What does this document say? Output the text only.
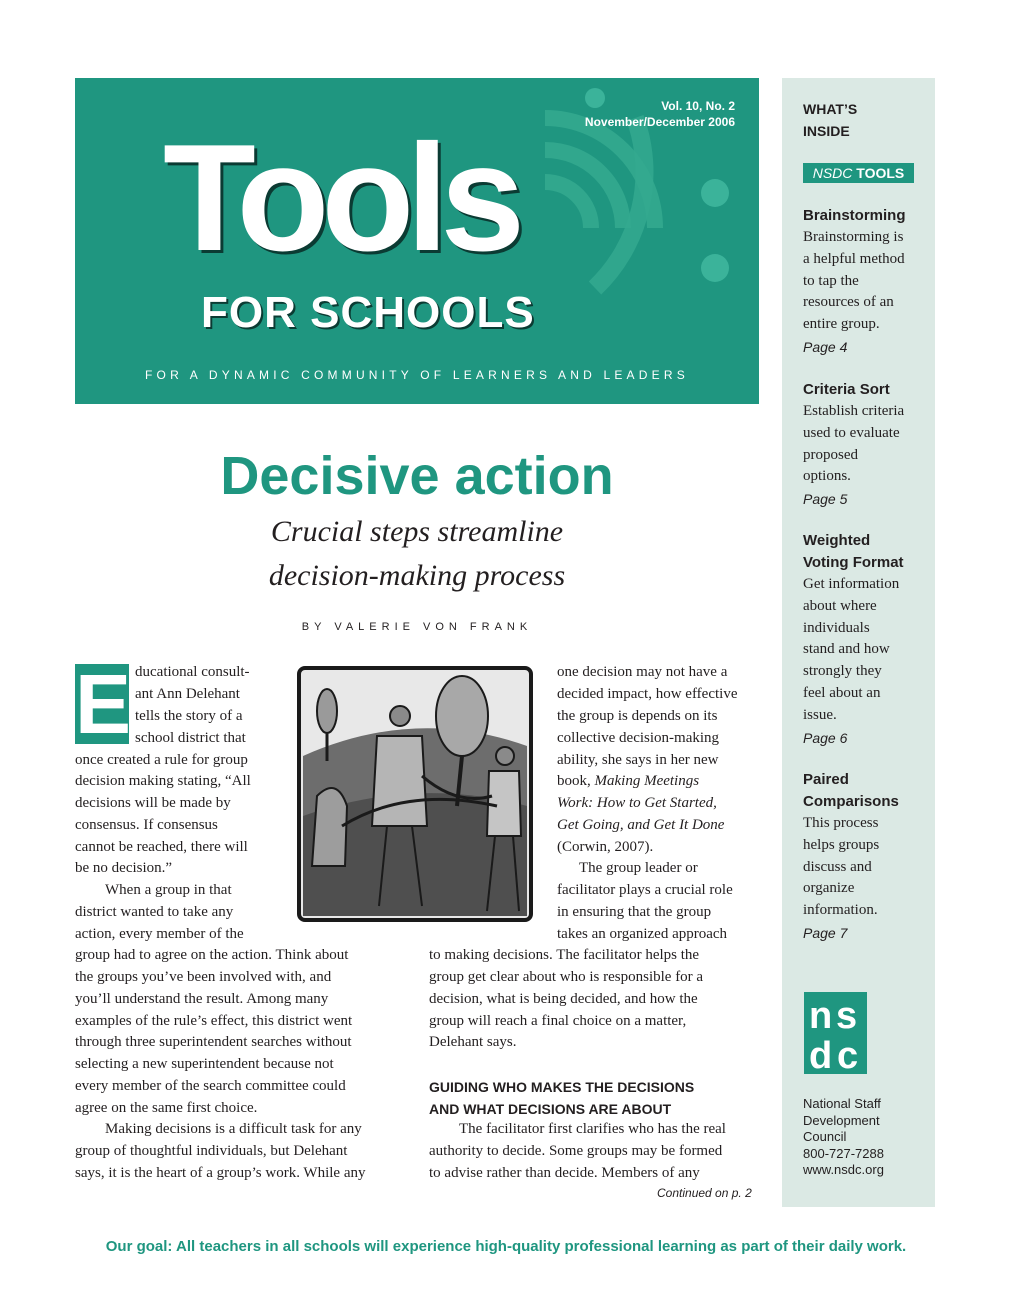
Vol. 10, No. 2
November/December 2006
Tools
FOR SCHOOLS
FOR A DYNAMIC COMMUNITY OF LEARNERS AND LEADERS
WHAT’S
INSIDE
NSDC TOOLS
Brainstorming
Brainstorming is
a helpful method
to tap the
resources of an
entire group.
Page 4
Criteria Sort
Establish criteria
used to evaluate
proposed
options.
Page 5
Weighted
Voting Format
Get information
about where
individuals
stand and how
strongly they
feel about an
issue.
Page 6
Paired
Comparisons
This process
helps groups
discuss and
organize
information.
Page 7
n s
d c
National Staff
Development
Council
800-727-7288
www.nsdc.org
Decisive action
Crucial steps streamline
decision-making process
BY VALERIE VON FRANK
E ducational consult-
ant Ann Delehant
tells the story of a
school district that
once created a rule for group
decision making stating, “All
decisions will be made by
consensus. If consensus
cannot be reached, there will
be no decision.”
When a group in that
district wanted to take any
action, every member of the
group had to agree on the action. Think about
the groups you’ve been involved with, and
you’ll understand the result. Among many
examples of the rule’s effect, this district went
through three superintendent searches without
selecting a new superintendent because not
every member of the search committee could
agree on the same first choice.
Making decisions is a difficult task for any
group of thoughtful individuals, but Delehant
says, it is the heart of a group’s work. While any
one decision may not have a
decided impact, how effective
the group is depends on its
collective decision-making
ability, she says in her new
book, Making Meetings
Work: How to Get Started,
Get Going, and Get It Done
(Corwin, 2007).
The group leader or
facilitator plays a crucial role
in ensuring that the group
takes an organized approach
to making decisions. The facilitator helps the
group get clear about who is responsible for a
decision, what is being decided, and how the
group will reach a final choice on a matter,
Delehant says.
GUIDING WHO MAKES THE DECISIONS
AND WHAT DECISIONS ARE ABOUT
The facilitator first clarifies who has the real
authority to decide. Some groups may be formed
to advise rather than decide. Members of any
Continued on p. 2
Our goal: All teachers in all schools will experience high-quality professional learning as part of their daily work.
